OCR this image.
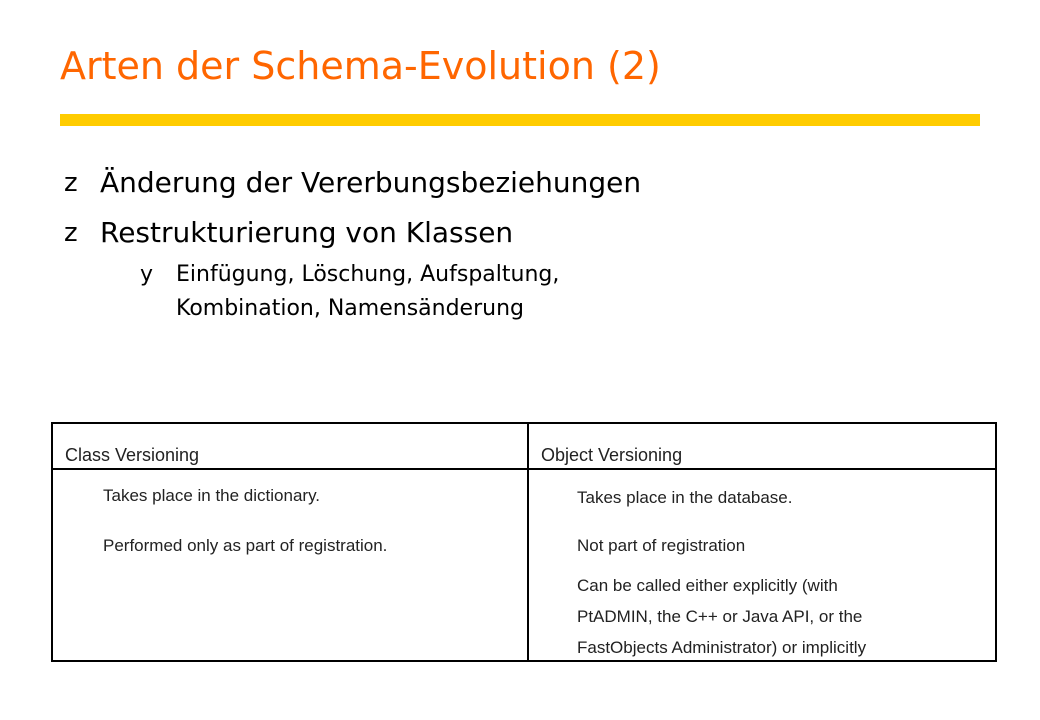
Arten der Schema-Evolution (2)
z Änderung der Vererbungsbeziehungen
z Restrukturierung von Klassen
y Einfügung, Löschung, Aufspaltung,
Kombination, Namensänderung
Class Versioning
Takes place in the dictionary.
Performed only as part of registration.
Object Versioning
Takes place in the database.
Not part of registration
Can be called either explicitly (with
PtADMIN, the C++ or Java API, or the
FastObjects Administrator) or implicitly
